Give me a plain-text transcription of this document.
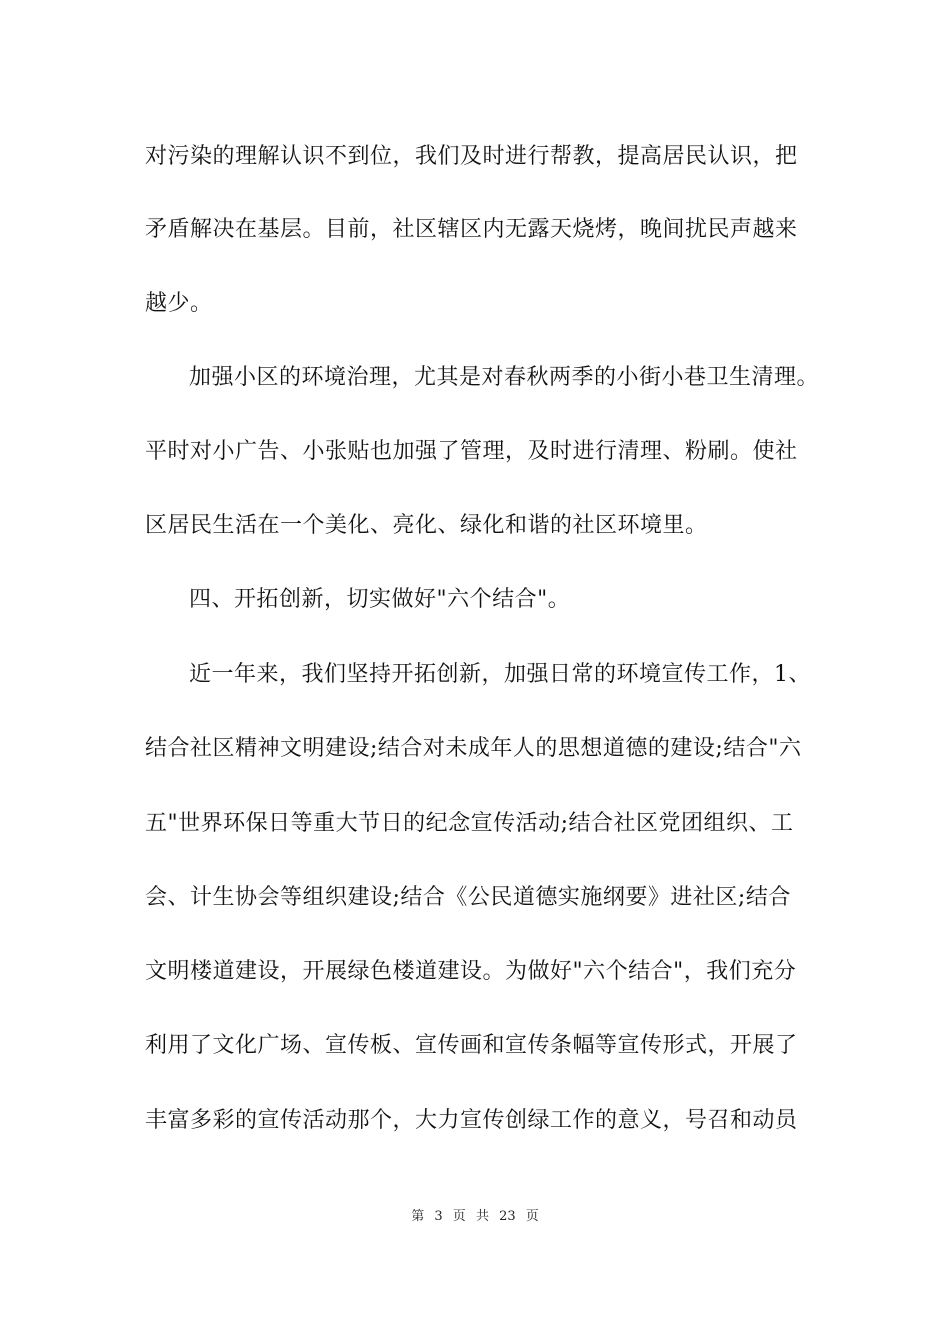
对污染的理解认识不到位，我们及时进行帮教，提高居民认识，把
矛盾解决在基层。目前，社区辖区内无露天烧烤，晚间扰民声越来
越少。
加强小区的环境治理，尤其是对春秋两季的小街小巷卫生清理。
平时对小广告、小张贴也加强了管理，及时进行清理、粉刷。使社
区居民生活在一个美化、亮化、绿化和谐的社区环境里。
四、开拓创新，切实做好"六个结合"。
近一年来，我们坚持开拓创新，加强日常的环境宣传工作，1、
结合社区精神文明建设;结合对未成年人的思想道德的建设;结合"六
五"世界环保日等重大节日的纪念宣传活动;结合社区党团组织、工
会、计生协会等组织建设;结合《公民道德实施纲要》进社区;结合
文明楼道建设，开展绿色楼道建设。为做好"六个结合"，我们充分
利用了文化广场、宣传板、宣传画和宣传条幅等宣传形式，开展了
丰富多彩的宣传活动那个，大力宣传创绿工作的意义，号召和动员
第 3 页 共 23 页
